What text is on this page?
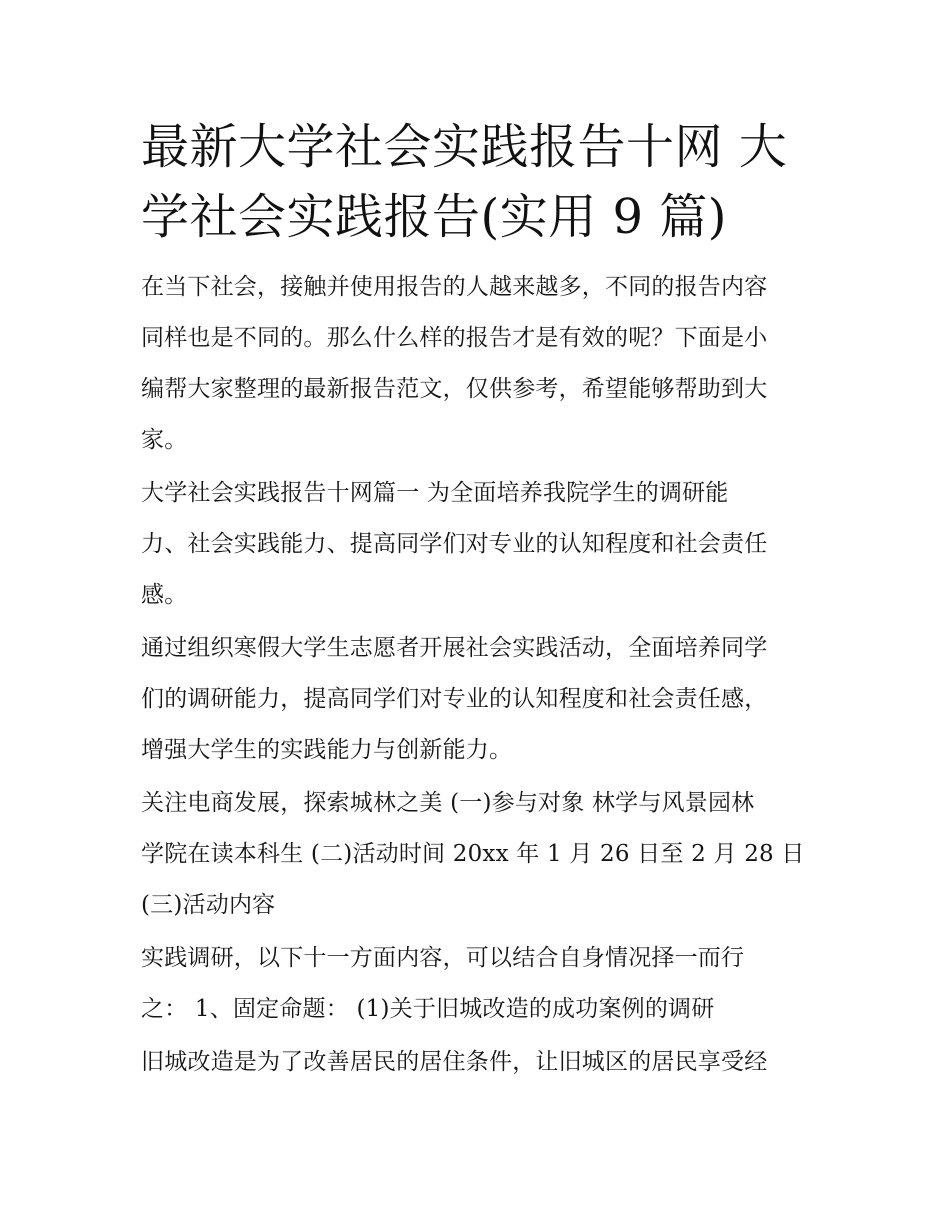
最新大学社会实践报告十网 大
学社会实践报告(实用 9 篇)

在当下社会，接触并使用报告的人越来越多，不同的报告内容
同样也是不同的。那么什么样的报告才是有效的呢？下面是小
编帮大家整理的最新报告范文，仅供参考，希望能够帮助到大
家。

大学社会实践报告十网篇一 为全面培养我院学生的调研能
力、社会实践能力、提高同学们对专业的认知程度和社会责任
感。

通过组织寒假大学生志愿者开展社会实践活动，全面培养同学
们的调研能力，提高同学们对专业的认知程度和社会责任感，
增强大学生的实践能力与创新能力。

关注电商发展，探索城林之美 (一)参与对象 林学与风景园林
学院在读本科生 (二)活动时间 20xx 年 1 月 26 日至 2 月 28 日
(三)活动内容

实践调研，以下十一方面内容，可以结合自身情况择一而行
之： 1、固定命题： (1)关于旧城改造的成功案例的调研

旧城改造是为了改善居民的居住条件，让旧城区的居民享受经
